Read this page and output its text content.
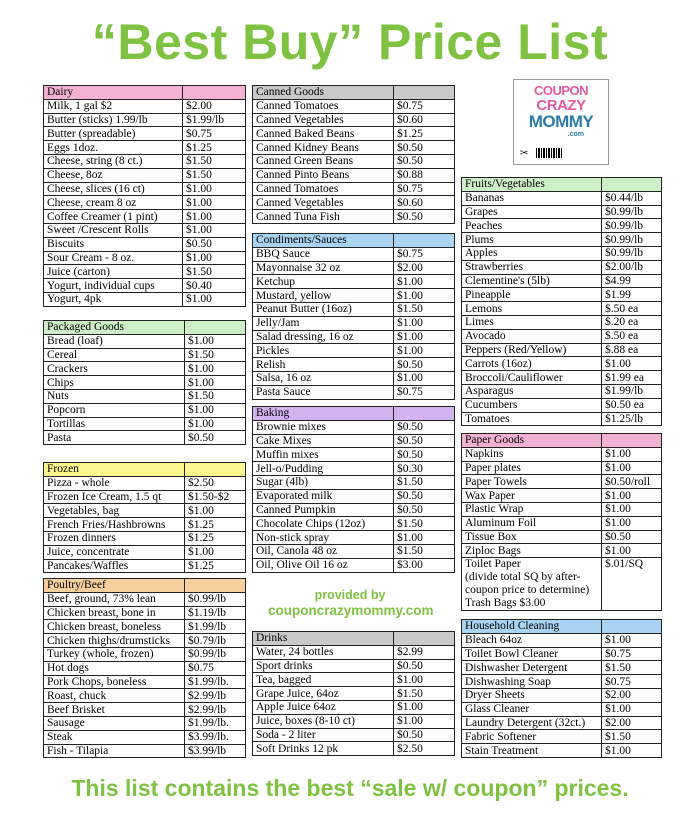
“Best Buy” Price List
Dairy	
Milk, 1 gal $2	$2.00
Butter (sticks) 1.99/lb	$1.99/lb
Butter (spreadable)	$0.75
Eggs 1doz.	$1.25
Cheese, string (8 ct.)	$1.50
Cheese, 8oz	$1.50
Cheese, slices (16 ct)	$1.00
Cheese, cream 8 oz	$1.00
Coffee Creamer (1 pint)	$1.00
Sweet /Crescent Rolls	$1.00
Biscuits	$0.50
Sour Cream - 8 oz.	$1.00
Juice (carton)	$1.50
Yogurt, individual cups	$0.40
Yogurt, 4pk	$1.00
Packaged Goods	
Bread (loaf)	$1.00
Cereal	$1.50
Crackers	$1.00
Chips	$1.00
Nuts	$1.50
Popcorn	$1.00
Tortillas	$1.00
Pasta	$0.50
Frozen	
Pizza - whole	$2.50
Frozen Ice Cream, 1.5 qt	$1.50-$2
Vegetables, bag	$1.00
French Fries/Hashbrowns	$1.25
Frozen dinners	$1.25
Juice, concentrate	$1.00
Pancakes/Waffles	$1.25
Poultry/Beef	
Beef, ground, 73% lean	$0.99/lb
Chicken breast, bone in	$1.19/lb
Chicken breast, boneless	$1.99/lb
Chicken thighs/drumsticks	$0.79/lb
Turkey (whole, frozen)	$0.99/lb
Hot dogs	$0.75
Pork Chops, boneless	$1.99/lb.
Roast, chuck	$2.99/lb
Beef Brisket	$2.99/lb
Sausage	$1.99/lb.
Steak	$3.99/lb.
Fish - Tilapia	$3.99/lb
Canned Goods	
Canned Tomatoes	$0.75
Canned Vegetables	$0.60
Canned Baked Beans	$1.25
Canned Kidney Beans	$0.50
Canned Green Beans	$0.50
Canned Pinto Beans	$0.88
Canned Tomatoes	$0.75
Canned Vegetables	$0.60
Canned Tuna Fish	$0.50
Condiments/Sauces	
BBQ Sauce	$0.75
Mayonnaise 32 oz	$2.00
Ketchup	$1.00
Mustard, yellow	$1.00
Peanut Butter (16oz)	$1.50
Jelly/Jam	$1.00
Salad dressing, 16 oz	$1.00
Pickles	$1.00
Relish	$0.50
Salsa, 16 oz	$1.00
Pasta Sauce	$0.75
Baking	
Brownie mixes	$0.50
Cake Mixes	$0.50
Muffin mixes	$0.50
Jell-o/Pudding	$0.30
Sugar (4lb)	$1.50
Evaporated milk	$0.50
Canned Pumpkin	$0.50
Chocolate Chips (12oz)	$1.50
Non-stick spray	$1.00
Oil, Canola 48 oz	$1.50
Oil, Olive Oil 16 oz	$3.00
provided by
couponcrazymommy.com
Drinks	
Water, 24 bottles	$2.99
Sport drinks	$0.50
Tea, bagged	$1.00
Grape Juice, 64oz	$1.50
Apple Juice 64oz	$1.00
Juice, boxes (8-10 ct)	$1.00
Soda - 2 liter	$0.50
Soft Drinks 12 pk	$2.50
COUPON
CRAZY
MOMMY
.com
✂
Fruits/Vegetables	
Bananas	$0.44/lb
Grapes	$0.99/lb
Peaches	$0.99/lb
Plums	$0.99/lb
Apples	$0.99/lb
Strawberries	$2.00/lb
Clementine's (5lb)	$4.99
Pineapple	$1.99
Lemons	$.50 ea
Limes	$.20 ea
Avocado	$.50 ea
Peppers (Red/Yellow)	$.88 ea
Carrots (16oz)	$1.00
Broccoli/Cauliflower	$1.99 ea
Asparagus	$1.99/lb
Cucumbers	$0.50 ea
Tomatoes	$1.25/lb
Paper Goods	
Napkins	$1.00
Paper plates	$1.00
Paper Towels	$0.50/roll
Wax Paper	$1.00
Plastic Wrap	$1.00
Aluminum Foil	$1.00
Tissue Box	$0.50
Ziploc Bags	$1.00

Toilet Paper
(divide total SQ by after-
coupon price to determine)
Trash Bags $3.00	$.01/SQ
Household Cleaning	
Bleach 64oz	$1.00
Toilet Bowl Cleaner	$0.75
Dishwasher Detergent	$1.50
Dishwashing Soap	$0.75
Dryer Sheets	$2.00
Glass Cleaner	$1.00
Laundry Detergent (32ct.)	$2.00
Fabric Softener	$1.50
Stain Treatment	$1.00
This list contains the best “sale w/ coupon” prices.
